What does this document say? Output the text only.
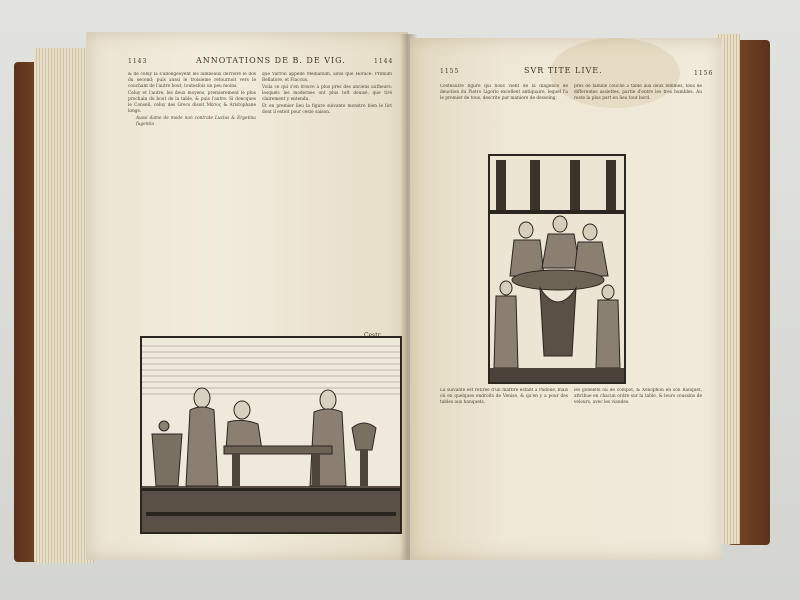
1143	ANNOTATIONS DE B. DE VIG.	1144

& de celuy là s'allongeoyent les lambeaux derriere le dos du second; puis aussi le troisieme retournoit vers le couchant de l'autre bout, toutesfois un peu moins.

Celuy et l'autre, les deux moyens, premierement le plus prochain du bout de la table, & puis l'autre. Si doncques le Conseil, celuy des Grecs disoit Μέσος & Aristophane longs.

Aussi dame de mode non contrate Lucius & Ergetina fugentia

que Varron appelle Medianum, ainsi que Horace: Primum Bellatore, et Flaccus.

Voila ce qui s'en trouve à plus pres des anciens autheurs: lesquels les modernes ont plus toft deuisé, que tiré clairement y entendu.

Et en premier lieu la figure suivante monstre bien le lict dont il estoit pour ceste saison.

1155	SVR TITE LIVE.	1156

Cesteautre figure qui nous vient de la diligence de deuotion du Pietro Ligorio excellent antiquaire, lequel l'a le premier de tous, descrite par maniere de desseing.

pres de famille couché à table aux deux fémmes, tous de differentes assiettes, partie d'entre les tres humbles. Au reste la plus part en lieu tout bord.

La suivante est retiree d'un marbre estant à Padoue, mais où en quelques endroits de Venise, & qu'en y a pour des tables aux banquets.

les gobelets ou de compot, & Xenophon en son Banquet, attribue en chacun ordre sur la table, & leurs coussins de velours, avec les viandes.
